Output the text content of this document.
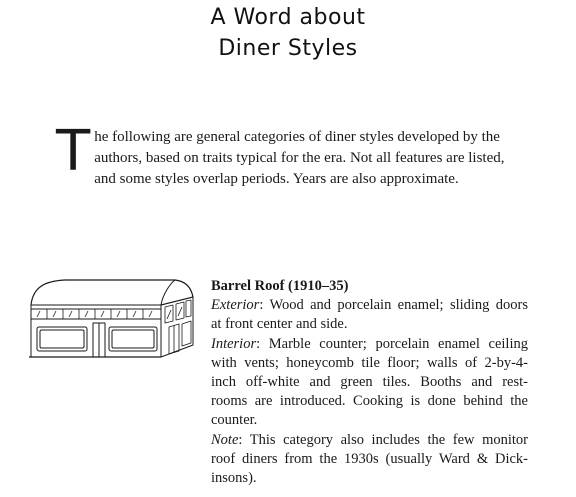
A Word about
Diner Styles
T he following are general categories of diner styles developed by the
authors, based on traits typical for the era. Not all features are listed,
and some styles overlap periods. Years are also approximate.
Barrel Roof (1910–35)
Exterior: Wood and porcelain enamel; sliding doors
at front center and side.
Interior: Marble counter; porcelain enamel ceiling
with vents; honeycomb tile floor; walls of 2-by-4-
inch off-white and green tiles. Booths and rest-
rooms are introduced. Cooking is done behind the
counter.
Note: This category also includes the few monitor
roof diners from the 1930s (usually Ward & Dick-
insons).
